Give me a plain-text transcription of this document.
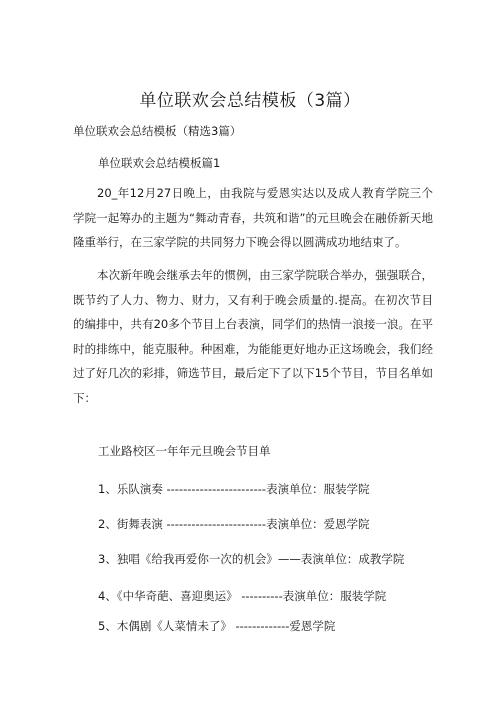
单位联欢会总结模板（3篇）
单位联欢会总结模板（精选3篇）
单位联欢会总结模板篇1

20_年12月27日晚上，由我院与爱恩实达以及成人教育学院三个学院一起筹办的主题为“舞动青春，共筑和谐”的元旦晚会在融侨新天地隆重举行，在三家学院的共同努力下晚会得以圆满成功地结束了。

本次新年晚会继承去年的惯例，由三家学院联合举办，强强联合，既节约了人力、物力、财力，又有利于晚会质量的.提高。在初次节目的编排中，共有20多个节目上台表演，同学们的热情一浪接一浪。在平时的排练中，能克服种。种困难，为能能更好地办正这场晚会，我们经过了好几次的彩排，筛选节目，最后定下了以下15个节目，节目名单如下：

工业路校区一年年元旦晚会节目单
1、乐队演奏 ------------------------表演单位：服装学院
2、街舞表演 ------------------------表演单位：爱恩学院
3、独唱《给我再爱你一次的机会》——表演单位：成教学院
4、《中华奇葩、喜迎奥运》 ----------表演单位：服装学院
5、木偶剧《人菜情未了》 -------------爱恩学院
